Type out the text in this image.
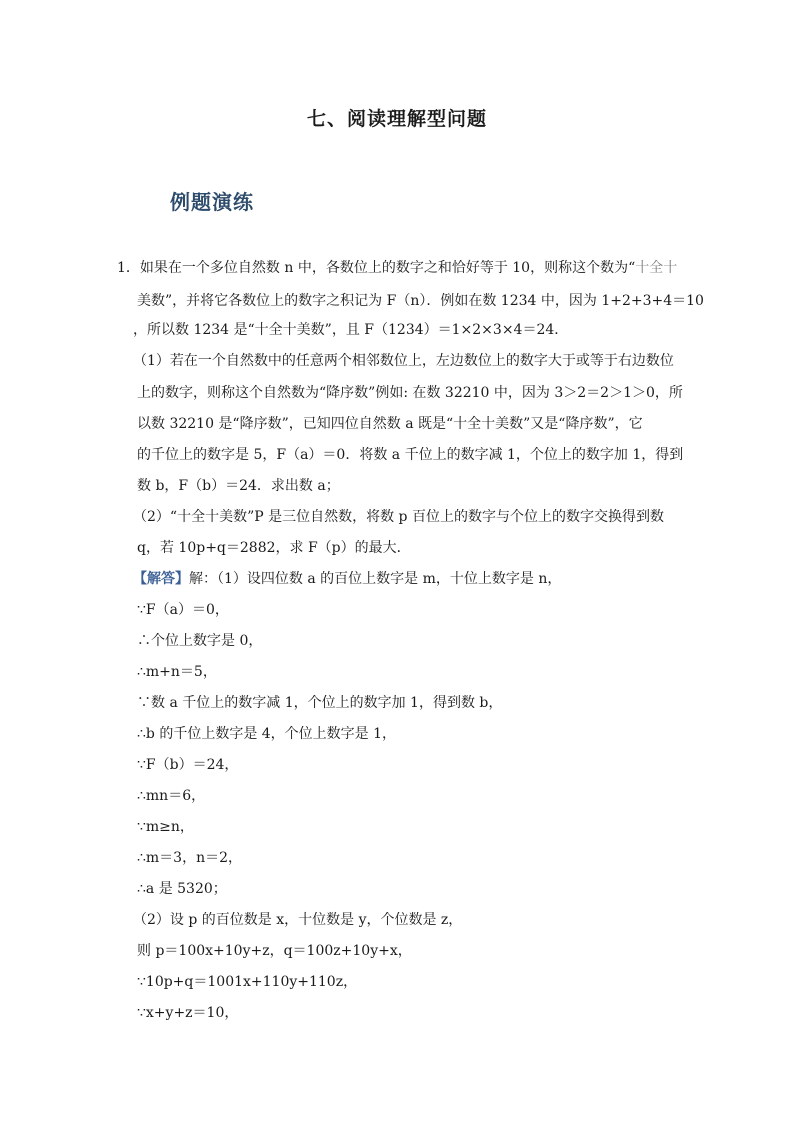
七、阅读理解型问题
例题演练
1．如果在一个多位自然数 n 中，各数位上的数字之和恰好等于 10，则称这个数为“十全十
美数”，并将它各数位上的数字之积记为 F（n）．例如在数 1234 中，因为 1+2+3+4＝10
，所以数 1234 是“十全十美数”，且 F（1234）＝1×2×3×4＝24．
（1）若在一个自然数中的任意两个相邻数位上，左边数位上的数字大于或等于右边数位
上的数字，则称这个自然数为“降序数”例如: 在数 32210 中，因为 3＞2＝2＞1＞0，所
以数 32210 是“降序数”，已知四位自然数 a 既是“十全十美数”又是“降序数”，它
的千位上的数字是 5，F（a）＝0．将数 a 千位上的数字减 1，个位上的数字加 1，得到
数 b，F（b）＝24．求出数 a；
（2）“十全十美数”P 是三位自然数，将数 p 百位上的数字与个位上的数字交换得到数
q，若 10p+q＝2882，求 F（p）的最大．
【解答】解：（1）设四位数 a 的百位上数字是 m，十位上数字是 n，
∵F（a）＝0，
∴个位上数字是 0，
∴m+n＝5，
∵数 a 千位上的数字减 1，个位上的数字加 1，得到数 b，
∴b 的千位上数字是 4，个位上数字是 1，
∵F（b）＝24，
∴mn＝6，
∵m≥n，
∴m＝3，n＝2，
∴a 是 5320；
（2）设 p 的百位数是 x，十位数是 y，个位数是 z，
则 p＝100x+10y+z，q＝100z+10y+x，
∵10p+q＝1001x+110y+110z，
∵x+y+z＝10，
